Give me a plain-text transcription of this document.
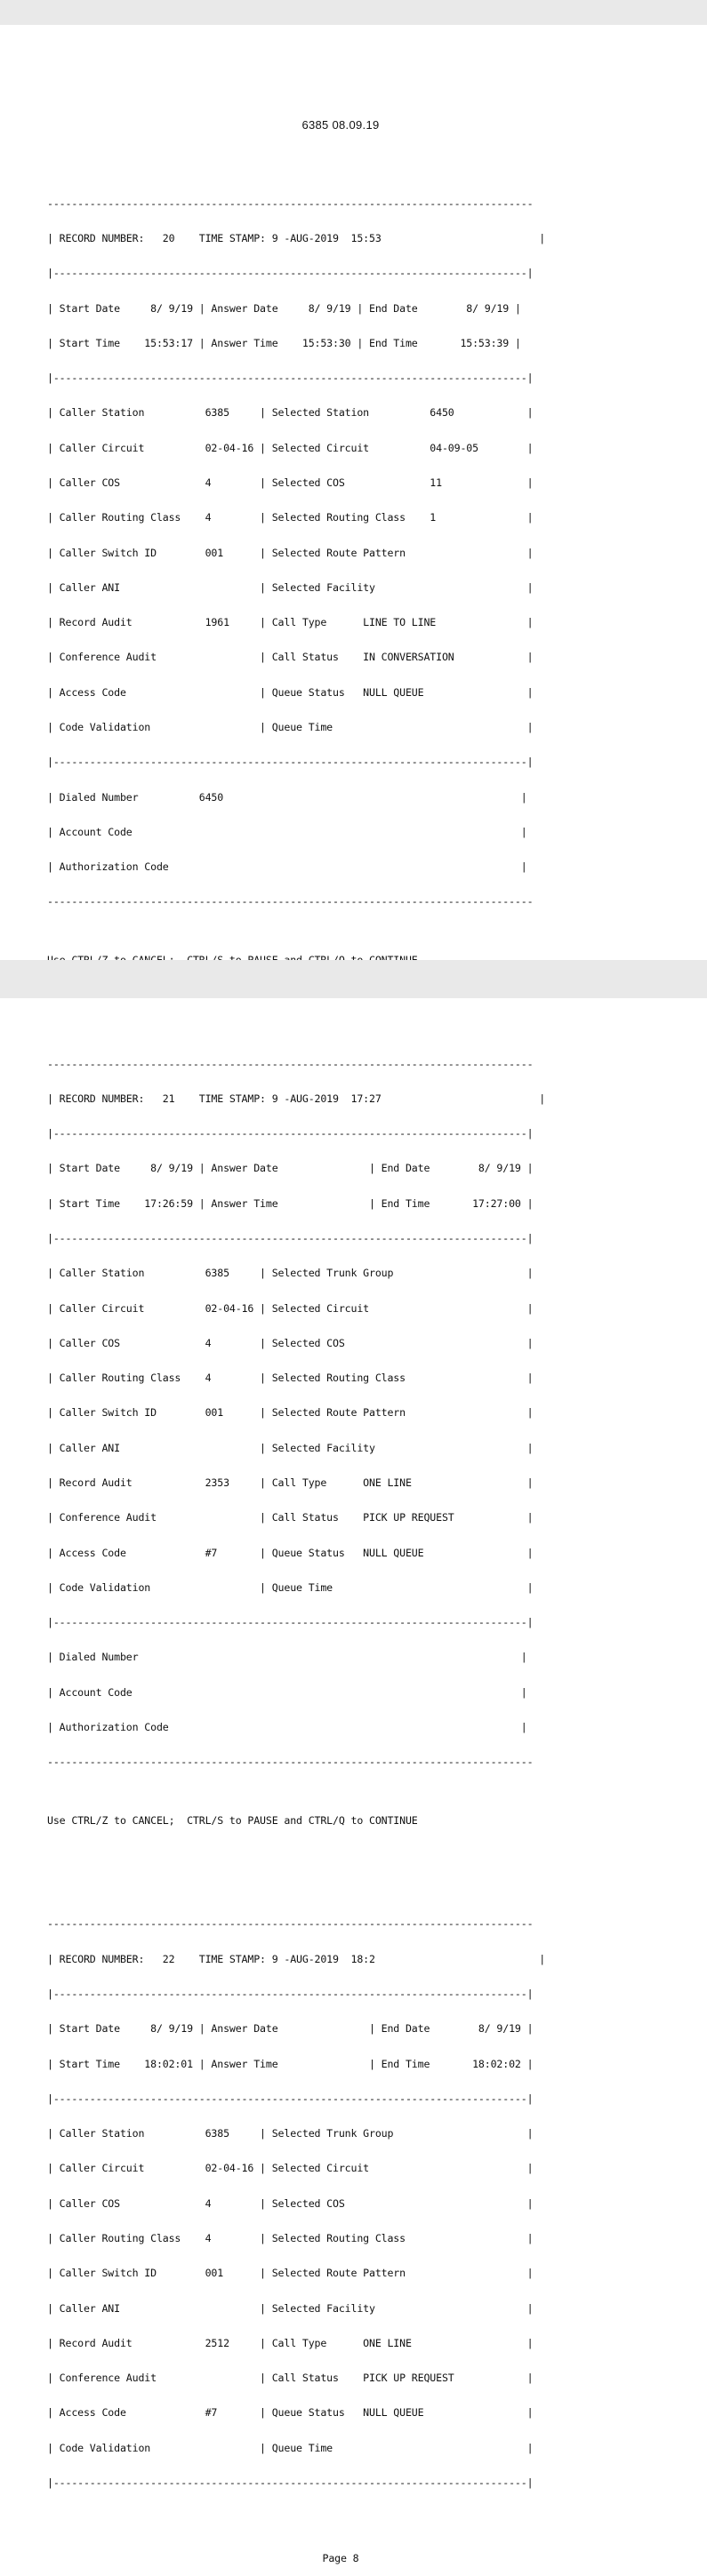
6385 08.09.19

--------------------------------------------------------------------------------

| RECORD NUMBER:   20    TIME STAMP: 9 -AUG-2019  15:53                          |

|------------------------------------------------------------------------------|

| Start Date     8/ 9/19 | Answer Date     8/ 9/19 | End Date        8/ 9/19 |

| Start Time    15:53:17 | Answer Time    15:53:30 | End Time       15:53:39 |

|------------------------------------------------------------------------------|

| Caller Station          6385     | Selected Station          6450            |

| Caller Circuit          02-04-16 | Selected Circuit          04-09-05        |

| Caller COS              4        | Selected COS              11              |

| Caller Routing Class    4        | Selected Routing Class    1               |

| Caller Switch ID        001      | Selected Route Pattern                    |

| Caller ANI                       | Selected Facility                         |

| Record Audit            1961     | Call Type      LINE TO LINE               |

| Conference Audit                 | Call Status    IN CONVERSATION            |

| Access Code                      | Queue Status   NULL QUEUE                 |

| Code Validation                  | Queue Time                                |

|------------------------------------------------------------------------------|

| Dialed Number          6450                                                 |

| Account Code                                                                |

| Authorization Code                                                          |

--------------------------------------------------------------------------------

--------------------------------------------------------------------------------

| RECORD NUMBER:   21    TIME STAMP: 9 -AUG-2019  17:27                          |

|------------------------------------------------------------------------------|

| Start Date     8/ 9/19 | Answer Date               | End Date        8/ 9/19 |

| Start Time    17:26:59 | Answer Time               | End Time       17:27:00 |

|------------------------------------------------------------------------------|

| Caller Station          6385     | Selected Trunk Group                      |

| Caller Circuit          02-04-16 | Selected Circuit                          |

| Caller COS              4        | Selected COS                              |

| Caller Routing Class    4        | Selected Routing Class                    |

| Caller Switch ID        001      | Selected Route Pattern                    |

| Caller ANI                       | Selected Facility                         |

| Record Audit            2353     | Call Type      ONE LINE                   |

| Conference Audit                 | Call Status    PICK UP REQUEST            |

| Access Code             #7       | Queue Status   NULL QUEUE                 |

| Code Validation                  | Queue Time                                |

|------------------------------------------------------------------------------|

| Dialed Number                                                               |

| Account Code                                                                |

| Authorization Code                                                          |

--------------------------------------------------------------------------------

Use CTRL/Z to CANCEL;  CTRL/S to PAUSE and CTRL/Q to CONTINUE

--------------------------------------------------------------------------------

| RECORD NUMBER:   22    TIME STAMP: 9 -AUG-2019  18:2                           |

|------------------------------------------------------------------------------|

| Start Date     8/ 9/19 | Answer Date               | End Date        8/ 9/19 |

| Start Time    18:02:01 | Answer Time               | End Time       18:02:02 |

|------------------------------------------------------------------------------|

| Caller Station          6385     | Selected Trunk Group                      |

| Caller Circuit          02-04-16 | Selected Circuit                          |

| Caller COS              4        | Selected COS                              |

| Caller Routing Class    4        | Selected Routing Class                    |

| Caller Switch ID        001      | Selected Route Pattern                    |

| Caller ANI                       | Selected Facility                         |

| Record Audit            2512     | Call Type      ONE LINE                   |

| Conference Audit                 | Call Status    PICK UP REQUEST            |

| Access Code             #7       | Queue Status   NULL QUEUE                 |

| Code Validation                  | Queue Time                                |

|------------------------------------------------------------------------------|

Page 8
